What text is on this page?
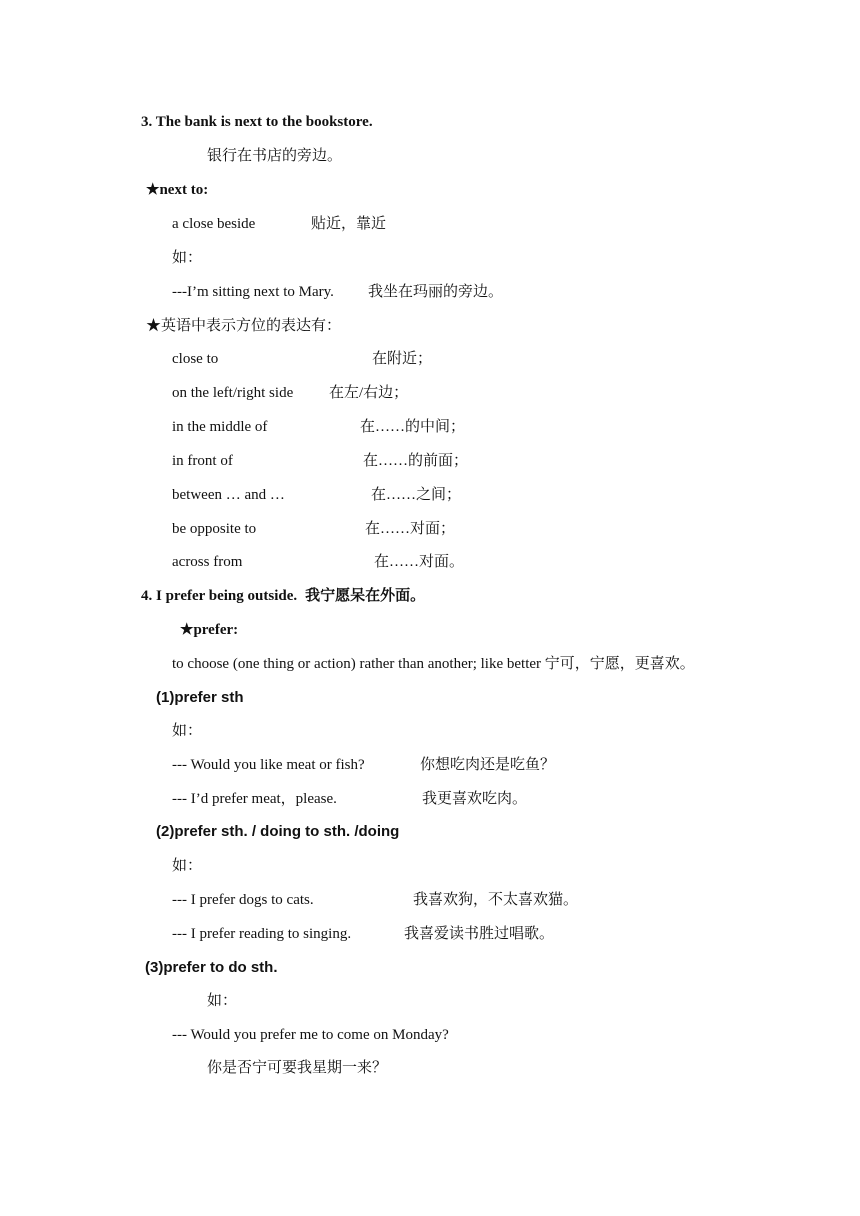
3. The bank is next to the bookstore.
银行在书店的旁边。
★next to:
a close beside	贴近，靠近
如：
---I’m sitting next to Mary. 我坐在玛丽的旁边。
★英语中表示方位的表达有：
close to	在附近；
on the left/right side 在左/右边；
in the middle of	在……的中间；
in front of	在……的前面；
between … and …	在……之间；
be opposite to	在……对面；
across from	在……对面。
4. I prefer being outside. 我宁愿呆在外面。
★prefer:
to choose (one thing or action) rather than another; like better 宁可，宁愿，更喜欢。
(1)prefer sth
如：
--- Would you like meat or fish?	你想吃肉还是吃鱼？
--- I’d prefer meat，please.	我更喜欢吃肉。
(2)prefer sth. / doing to sth. /doing
如：
--- I prefer dogs to cats.	我喜欢狗，不太喜欢猫。
--- I prefer reading to singing.	我喜爱读书胜过唱歌。
(3)prefer to do sth.
如：
--- Would you prefer me to come on Monday?
你是否宁可要我星期一来？
